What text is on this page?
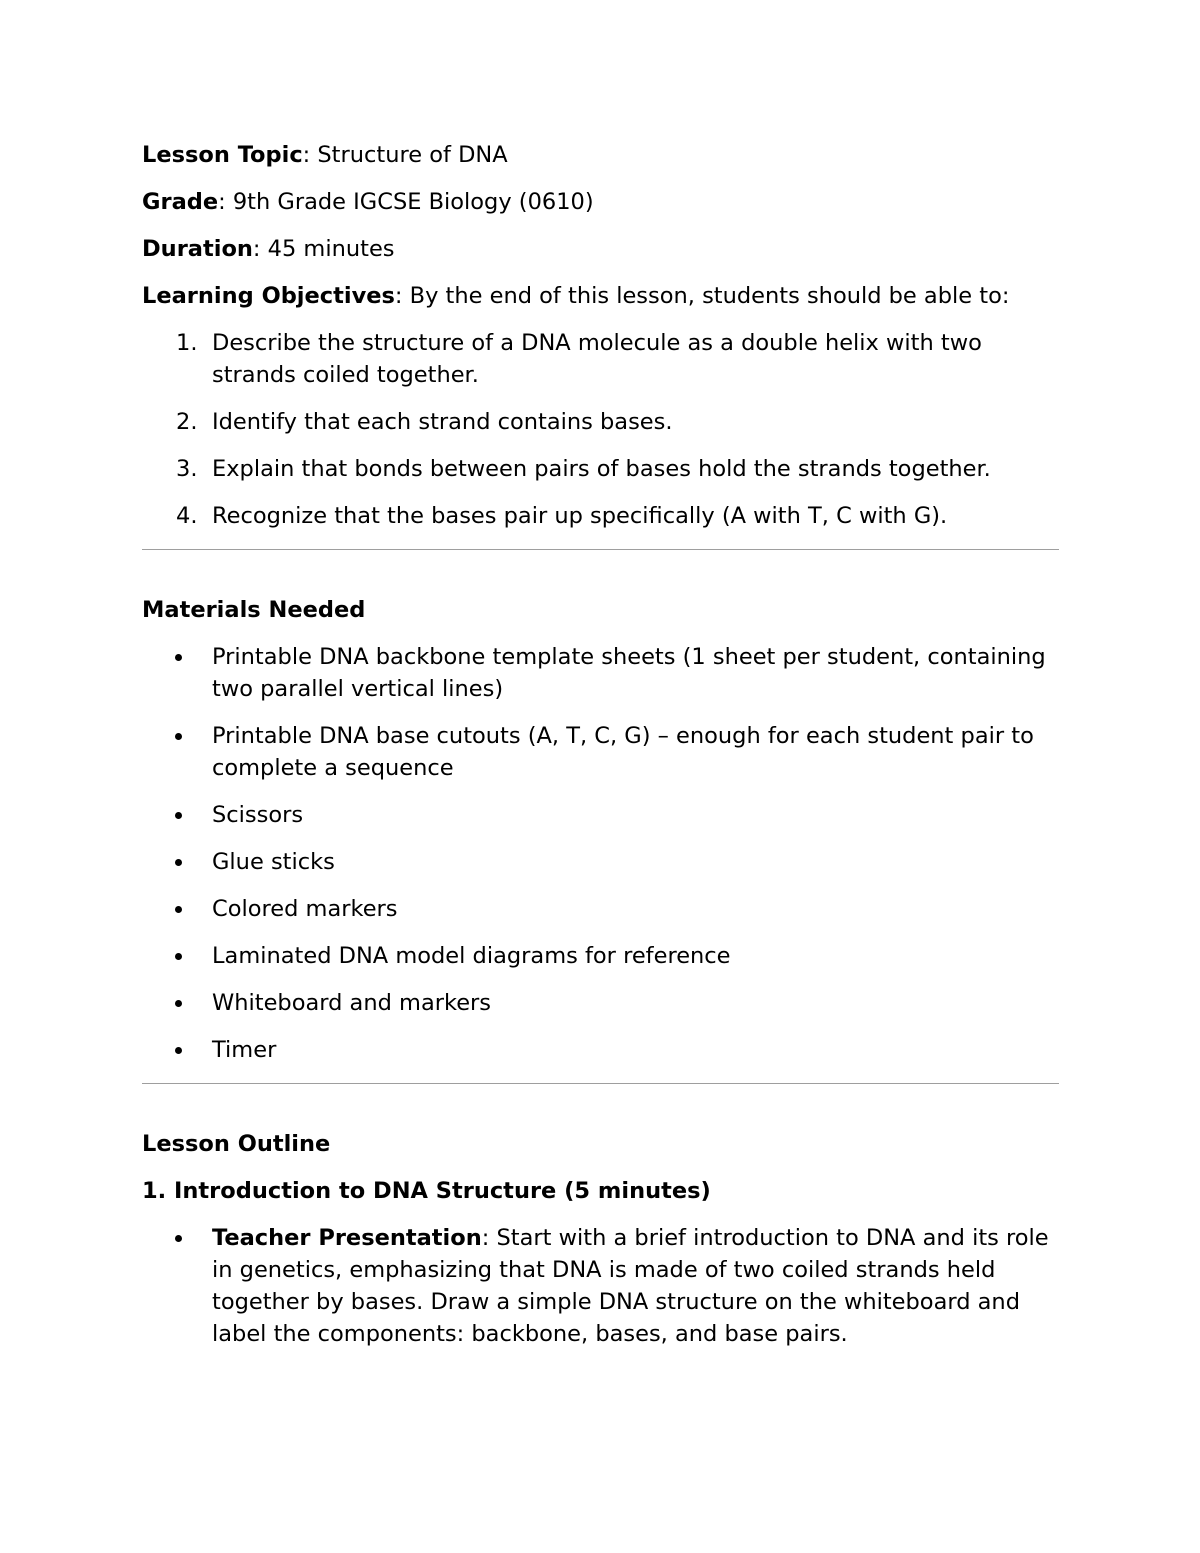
Lesson Topic: Structure of DNA

Grade: 9th Grade IGCSE Biology (0610)

Duration: 45 minutes

Learning Objectives: By the end of this lesson, students should be able to:

1. Describe the structure of a DNA molecule as a double helix with two strands coiled together.
2. Identify that each strand contains bases.
3. Explain that bonds between pairs of bases hold the strands together.
4. Recognize that the bases pair up specifically (A with T, C with G).

Materials Needed

Printable DNA backbone template sheets (1 sheet per student, containing two parallel vertical lines)
Printable DNA base cutouts (A, T, C, G) – enough for each student pair to complete a sequence
Scissors
Glue sticks
Colored markers
Laminated DNA model diagrams for reference
Whiteboard and markers
Timer

Lesson Outline

1. Introduction to DNA Structure (5 minutes)

Teacher Presentation: Start with a brief introduction to DNA and its role in genetics, emphasizing that DNA is made of two coiled strands held together by bases. Draw a simple DNA structure on the whiteboard and label the components: backbone, bases, and base pairs.
